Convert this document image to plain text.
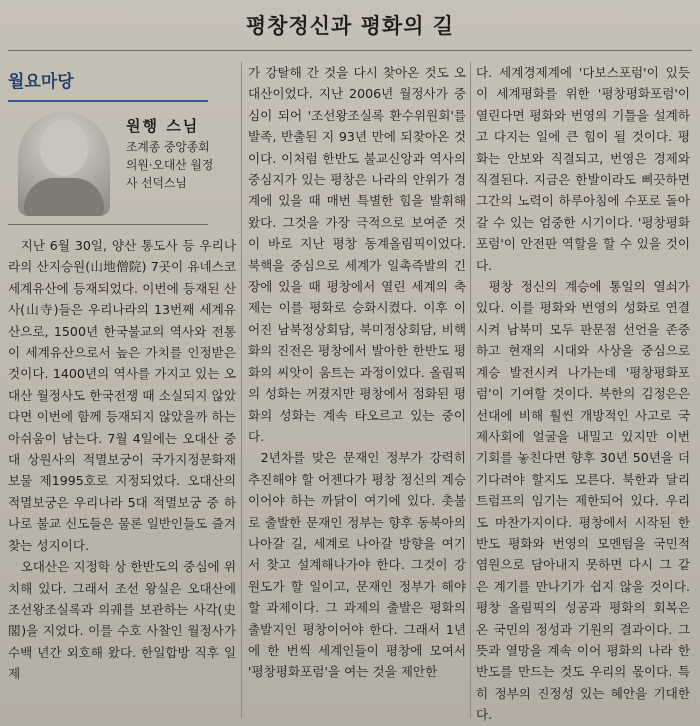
평창정신과 평화의 길
월요마당
원행 스님
조계종 중앙종회
의원·오대산 월정
사 선덕스님

지난 6월 30일, 양산 통도사 등 우리나라의 산지승원(山地僧院) 7곳이 유네스코 세계유산에 등재되었다. 이번에 등재된 산사(山寺)들은 우리나라의 13번째 세계유산으로, 1500년 한국불교의 역사와 전통이 세계유산으로서 높은 가치를 인정받은 것이다. 1400년의 역사를 가지고 있는 오대산 월정사도 한국전쟁 때 소실되지 않았다면 이번에 함께 등재되지 않았을까 하는 아쉬움이 남는다. 7월 4일에는 오대산 중대 상원사의 적멸보궁이 국가지정문화재 보물 제1995호로 지정되었다. 오대산의 적멸보궁은 우리나라 5대 적멸보궁 중 하나로 불교 신도들은 물론 일반인들도 즐겨 찾는 성지이다.

오대산은 지정학 상 한반도의 중심에 위치해 있다. 그래서 조선 왕실은 오대산에 조선왕조실록과 의궤를 보관하는 사각(史閣)을 지었다. 이를 수호 사찰인 월정사가 수백 년간 외호해 왔다. 한일합방 직후 일제

가 강탈해 간 것을 다시 찾아온 것도 오대산이었다. 지난 2006년 월정사가 중심이 되어 '조선왕조실록 환수위원회'를 발족, 반출된 지 93년 만에 되찾아온 것이다. 이처럼 한반도 불교신앙과 역사의 중심지가 있는 평창은 나라의 안위가 경계에 있을 때 매번 특별한 힘을 발휘해왔다. 그것을 가장 극적으로 보여준 것이 바로 지난 평창 동계올림픽이었다. 북핵을 중심으로 세계가 일촉즉발의 긴장에 있을 때 평창에서 열린 세계의 축제는 이를 평화로 승화시켰다. 이후 이어진 남북정상회담, 북미정상회담, 비핵화의 진전은 평창에서 발아한 한반도 평화의 씨앗이 움트는 과정이었다. 올림픽의 성화는 꺼졌지만 평창에서 점화된 평화의 성화는 계속 타오르고 있는 중이다.

2년차를 맞은 문재인 정부가 강력히 추진해야 할 어젠다가 평창 정신의 계승이어야 하는 까닭이 여기에 있다. 촛불로 출발한 문재인 정부는 향후 동북아의 나아갈 길, 세계로 나아갈 방향을 여기서 찾고 설계해나가야 한다. 그것이 강원도가 할 일이고, 문재인 정부가 해야 할 과제이다. 그 과제의 출발은 평화의 출발지인 평창이어야 한다. 그래서 1년에 한 번씩 세계인들이 평창에 모여서 '평창평화포럼'을 여는 것을 제안한

다. 세계경제계에 '다보스포럼'이 있듯이 세계평화를 위한 '평창평화포럼'이 열린다면 평화와 번영의 기틀을 설계하고 다지는 일에 큰 힘이 될 것이다. 평화는 안보와 직결되고, 번영은 경제와 직결된다. 지금은 한발이라도 삐끗하면 그간의 노력이 하루아침에 수포로 돌아갈 수 있는 엄중한 시기이다. '평창평화포럼'이 안전판 역할을 할 수 있을 것이다.

평창 정신의 계승에 통일의 열쇠가 있다. 이를 평화와 번영의 성화로 연결시켜 남북미 모두 판문점 선언을 존중하고 현재의 시대와 사상을 중심으로 계승 발전시켜 나가는데 '평창평화포럼'이 기여할 것이다. 북한의 김정은은 선대에 비해 훨씬 개방적인 사고로 국제사회에 얼굴을 내밀고 있지만 이번 기회를 놓친다면 향후 30년 50년을 더 기다려야 할지도 모른다. 북한과 달리 트럼프의 임기는 제한되어 있다. 우리도 마찬가지이다. 평창에서 시작된 한반도 평화와 번영의 모멘텀을 국민적 염원으로 담아내지 못하면 다시 그 같은 계기를 만나기가 쉽지 않을 것이다. 평창 올림픽의 성공과 평화의 회복은 온 국민의 정성과 기원의 결과이다. 그 뜻과 열망을 계속 이어 평화의 나라 한반도를 만드는 것도 우리의 몫이다. 특히 정부의 진정성 있는 혜안을 기대한다.
